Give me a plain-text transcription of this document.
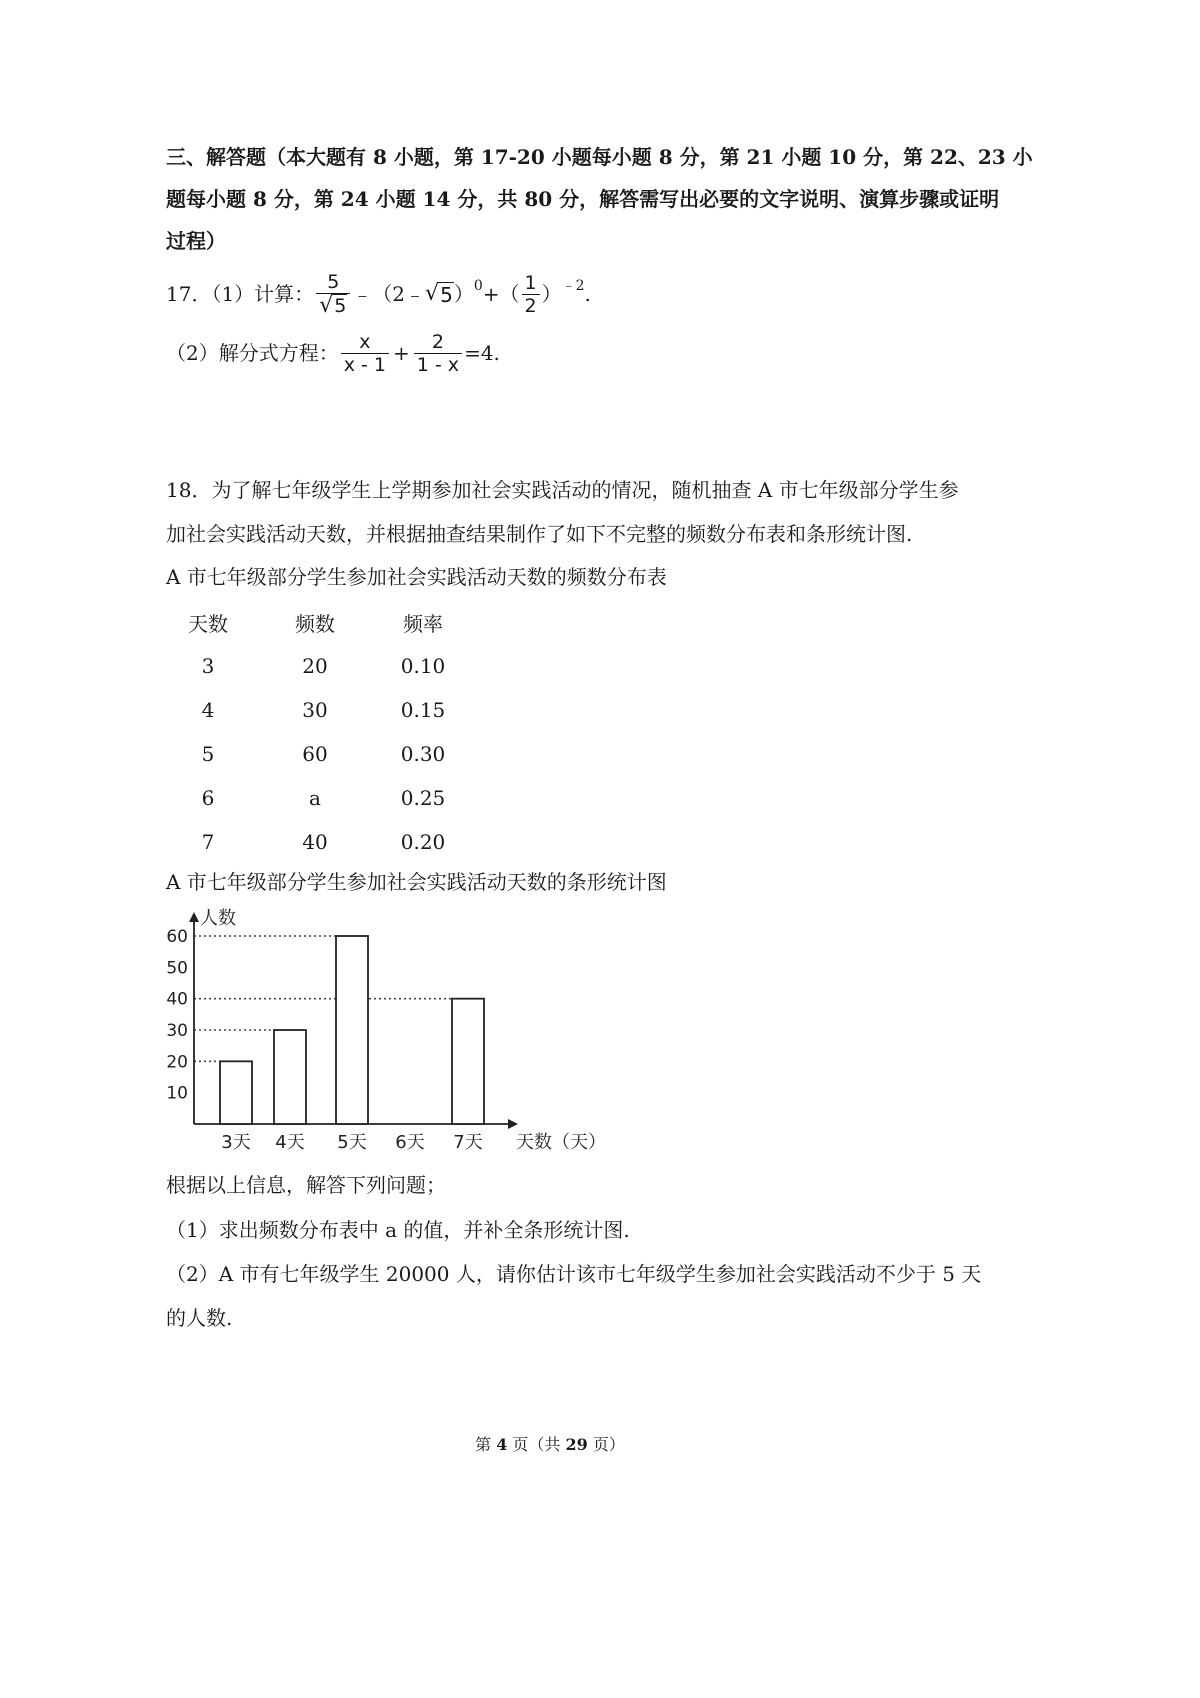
三、解答题（本大题有 8 小题，第 17-20 小题每小题 8 分，第 21 小题 10 分，第 22、23 小
题每小题 8 分，第 24 小题 14 分，共 80 分，解答需写出必要的文字说明、演算步骤或证明
过程）
17．（1）计算： $\frac{5}{√ 5}$ ﹣（2﹣ √ 5 ）$^0$ +（ $\frac{1}{2} )^{﹣2}$ .
（2）解分式方程： $\frac{x}{x - 1} + \frac{2}{1 - x} =4$.
18．为了解七年级学生上学期参加社会实践活动的情况，随机抽查 A 市七年级部分学生参
加社会实践活动天数，并根据抽查结果制作了如下不完整的频数分布表和条形统计图.
A 市七年级部分学生参加社会实践活动天数的频数分布表
天数	频数	频率
3	20	0.10
4	30	0.15
5	60	0.30
6	a	0.25
7	40	0.20
A 市七年级部分学生参加社会实践活动天数的条形统计图
10
20
30
40
50
60
人数
天数（天）
3天 4天 5天 6天 7天
根据以上信息，解答下列问题；
（1）求出频数分布表中 a 的值，并补全条形统计图.
（2）A 市有七年级学生 20000 人，请你估计该市七年级学生参加社会实践活动不少于 5 天
的人数.
第 4 页（共 29 页）
